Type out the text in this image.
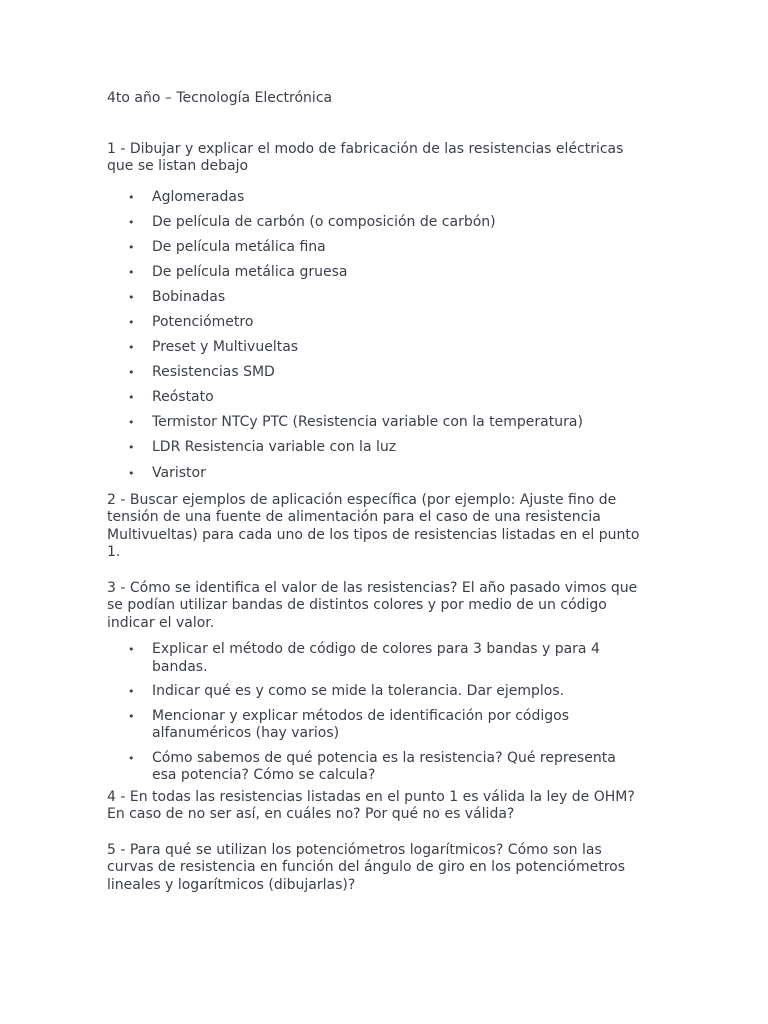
4to año – Tecnología Electrónica

1 - Dibujar y explicar el modo de fabricación de las resistencias eléctricas
que se listan debajo

• Aglomeradas
• De película de carbón (o composición de carbón)
• De película metálica fina
• De película metálica gruesa
• Bobinadas
• Potenciómetro
• Preset y Multivueltas
• Resistencias SMD
• Reóstato
• Termistor NTCy PTC (Resistencia variable con la temperatura)
• LDR Resistencia variable con la luz
• Varistor

2 - Buscar ejemplos de aplicación específica (por ejemplo: Ajuste fino de
tensión de una fuente de alimentación para el caso de una resistencia
Multivueltas) para cada uno de los tipos de resistencias listadas en el punto
1.

3 - Cómo se identifica el valor de las resistencias? El año pasado vimos que
se podían utilizar bandas de distintos colores y por medio de un código
indicar el valor.

• Explicar el método de código de colores para 3 bandas y para 4
bandas.
• Indicar qué es y como se mide la tolerancia. Dar ejemplos.
• Mencionar y explicar métodos de identificación por códigos
alfanuméricos (hay varios)
• Cómo sabemos de qué potencia es la resistencia? Qué representa
esa potencia? Cómo se calcula?

4 - En todas las resistencias listadas en el punto 1 es válida la ley de OHM?
En caso de no ser así, en cuáles no? Por qué no es válida?

5 - Para qué se utilizan los potenciómetros logarítmicos? Cómo son las
curvas de resistencia en función del ángulo de giro en los potenciómetros
lineales y logarítmicos (dibujarlas)?
